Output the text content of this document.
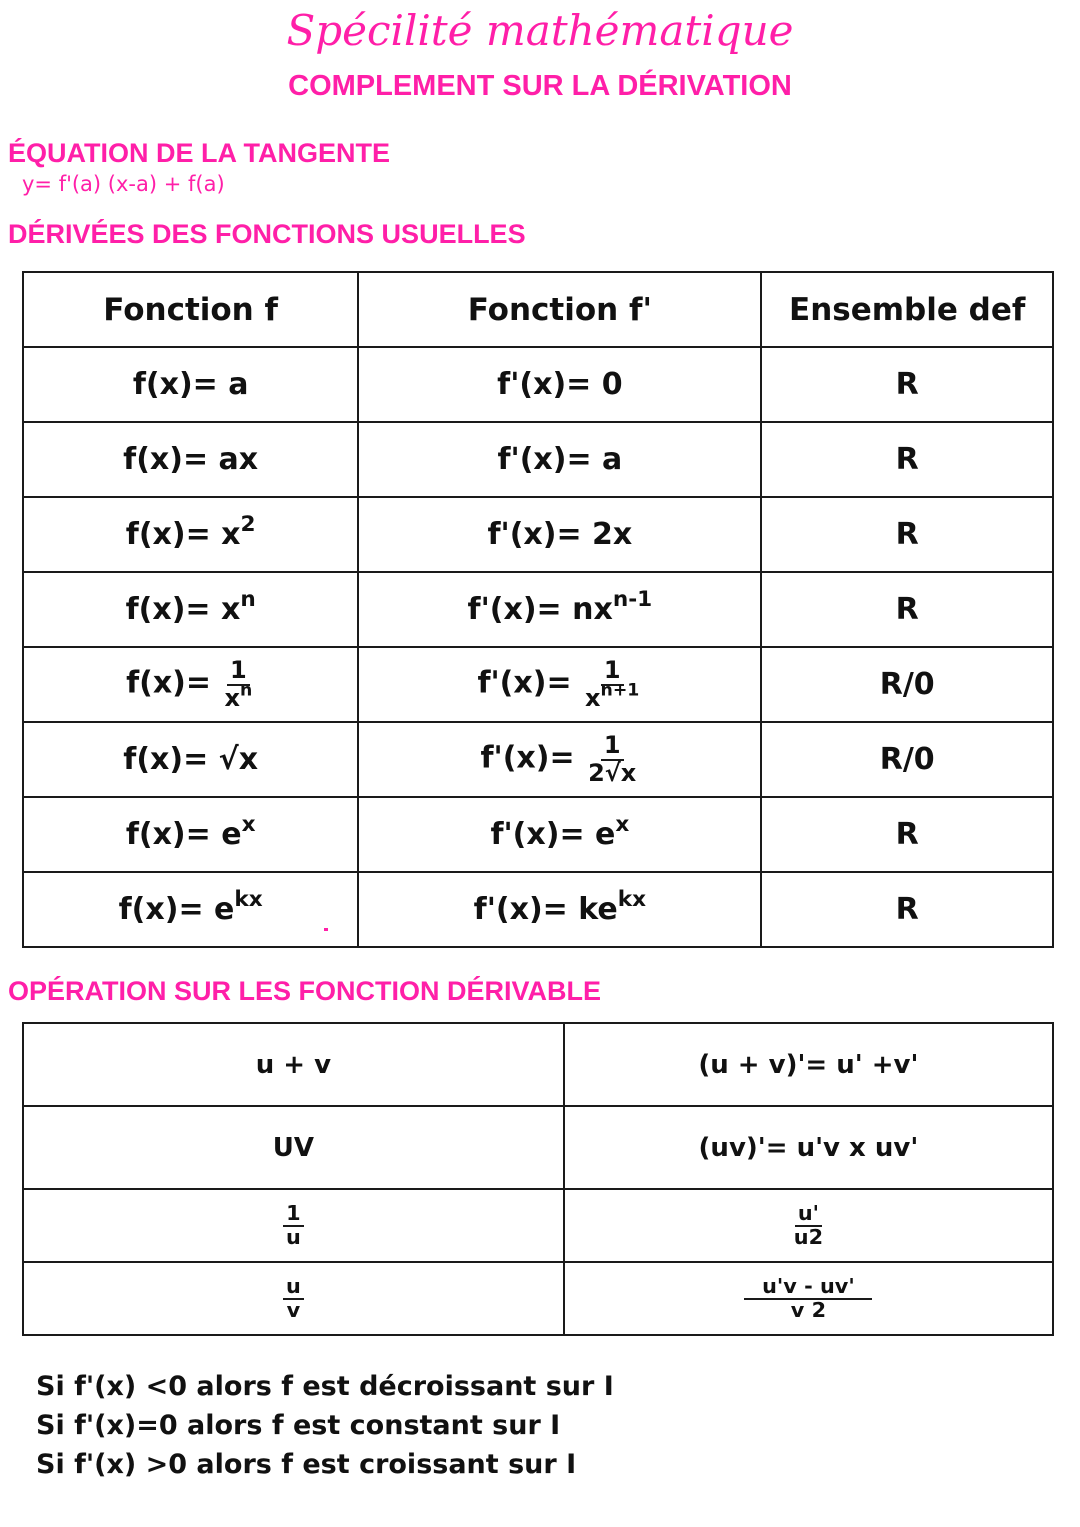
Spécilité mathématique
COMPLEMENT SUR LA DÉRIVATION
ÉQUATION DE LA TANGENTE
y= f'(a) (x-a) + f(a)
DÉRIVÉES DES FONCTIONS USUELLES
Fonction f	Fonction f'	Ensemble def
f(x)= a	f'(x)= 0	R
f(x)= ax	f'(x)= a	R
$f(x)= x^2$	f'(x)= 2x	R
$f(x)= x^n$	$f'(x)= nx^{n-1}$	R
$f(x)= \frac{1}{x^n}$	$f'(x)= \frac{1}{x^{n+1}}$	R/0
f(x)= √x	$f'(x)= \frac{1}{2√x}$	R/0
$f(x)= e^x$	$f'(x)= e^x$	R
$f(x)= e^{kx}$	$f'(x)= ke^{kx}$	R
OPÉRATION SUR LES FONCTION DÉRIVABLE
u + v	(u + v)'= u' +v'
UV	(uv)'= u'v x uv'

$\frac{1}{u}$	$\frac{u'}{u2}$

$\frac{u}{v}$	$\frac{u'v - uv'}{v 2}$
Si f'(x) <0 alors f est décroissant sur I
Si f'(x)=0 alors f est constant sur I
Si f'(x) >0 alors f est croissant sur I
